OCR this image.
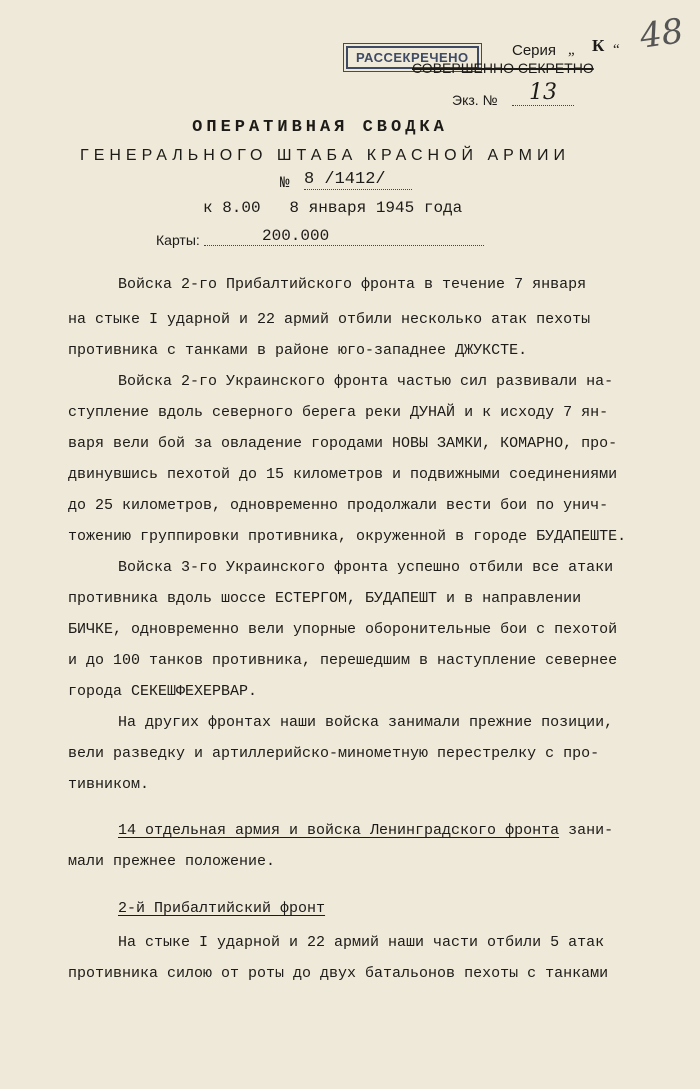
РАССЕКРЕЧЕНО	Серия „ К “
СОВЕРШЕННО СЕКРЕТНО
48
Экз. №	13
ОПЕРАТИВНАЯ СВОДКА
ГЕНЕРАЛЬНОГО ШТАБА КРАСНОЙ АРМИИ
№ 8 /1412/
к 8.00   8 января 1945 года
Карты:	200.000
Войска 2-го Прибалтийского фронта в течение 7 января
на стыке I ударной и 22 армий отбили несколько атак пехоты
противника с танками в районе юго-западнее ДЖУКСТЕ.
Войска 2-го Украинского фронта частью сил развивали на-
ступление вдоль северного берега реки ДУНАЙ и к исходу 7 ян-
варя вели бой за овладение городами НОВЫ ЗАМКИ, КОМАРНО, про-
двинувшись пехотой до 15 километров и подвижными соединениями
до 25 километров, одновременно продолжали вести бои по унич-
тожению группировки противника, окруженной в городе БУДАПЕШТЕ.
Войска 3-го Украинского фронта успешно отбили все атаки
противника вдоль шоссе ЕСТЕРГОМ, БУДАПЕШТ и в направлении
БИЧКЕ, одновременно вели упорные оборонительные бои с пехотой
и до 100 танков противника, перешедшим в наступление севернее
города СЕКЕШФЕХЕРВАР.
На других фронтах наши войска занимали прежние позиции,
вели разведку и артиллерийско-минометную перестрелку с про-
тивником.
14 отдельная армия и войска Ленинградского фронта зани-
мали прежнее положение.
2-й Прибалтийский фронт
На стыке I ударной и 22 армий наши части отбили 5 атак
противника силою от роты до двух батальонов пехоты с танками
